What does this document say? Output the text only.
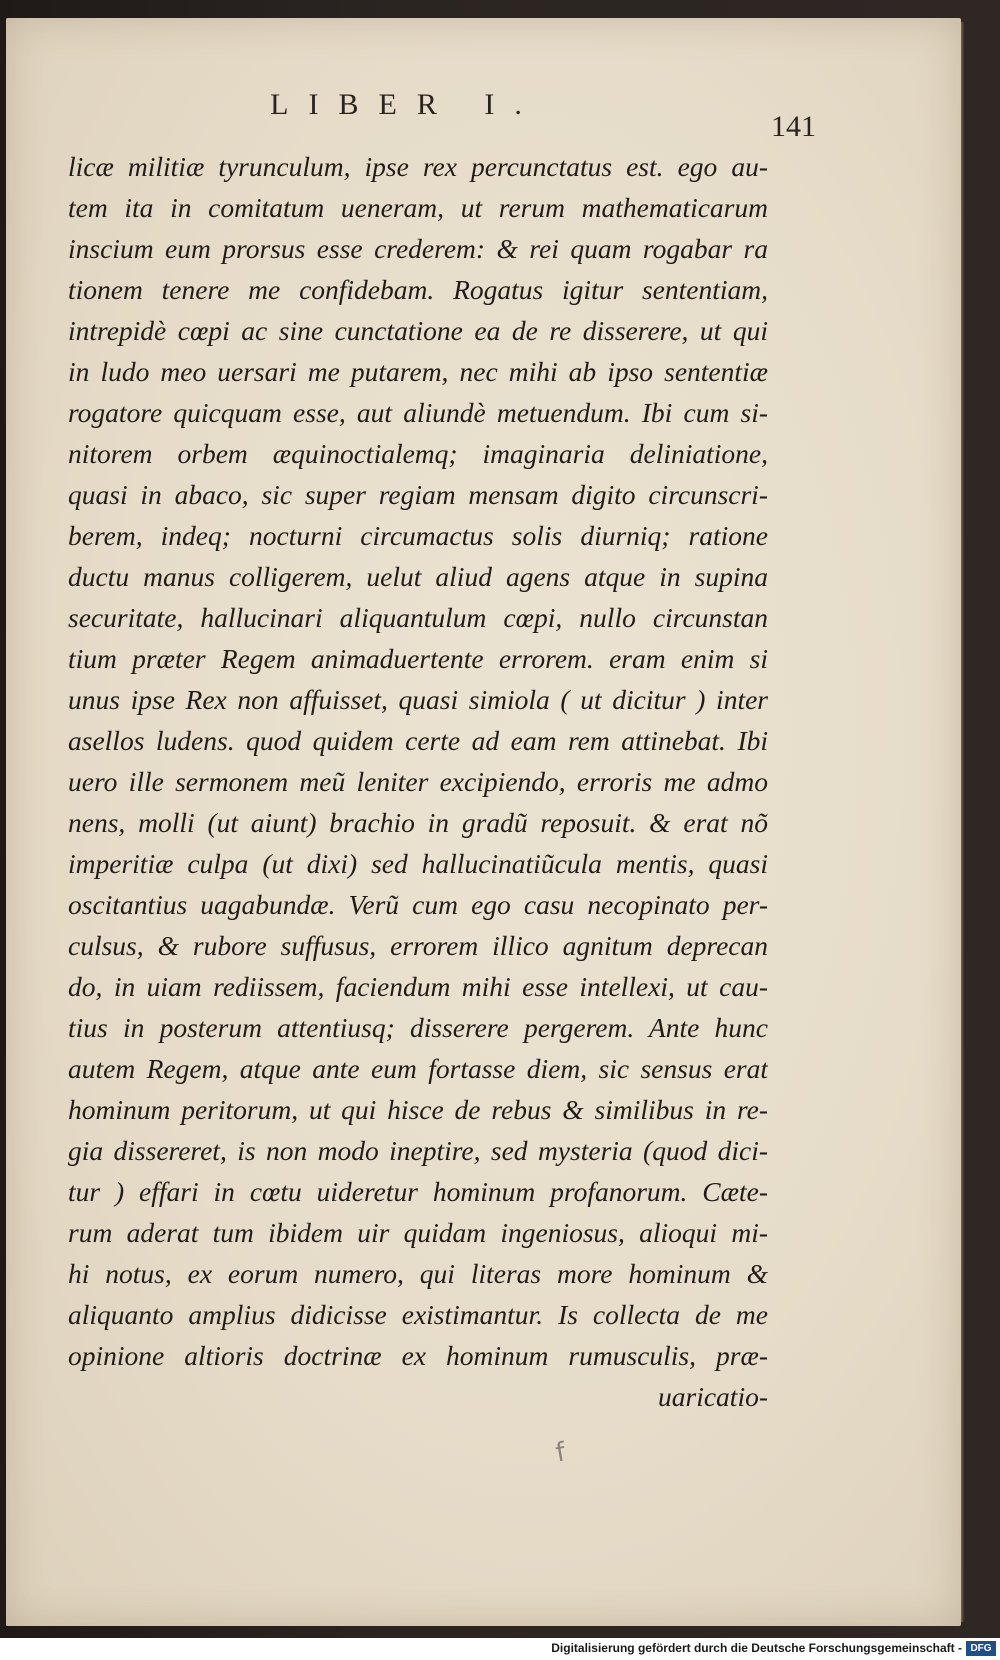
LIBER I.
141
licæ militiæ tyrunculum, ipse rex percunctatus est. ego au-
tem ita in comitatum ueneram, ut rerum mathematicarum
inscium eum prorsus esse crederem: & rei quam rogabar ra
tionem tenere me confidebam. Rogatus igitur sententiam,
intrepidè cœpi ac sine cunctatione ea de re disserere, ut qui
in ludo meo uersari me putarem, nec mihi ab ipso sententiæ
rogatore quicquam esse, aut aliundè metuendum. Ibi cum si-
nitorem orbem æquinoctialemq; imaginaria deliniatione,
quasi in abaco, sic super regiam mensam digito circunscri-
berem, indeq; nocturni circumactus solis diurniq; ratione
ductu manus colligerem, uelut aliud agens atque in supina
securitate, hallucinari aliquantulum cœpi, nullo circunstan
tium præter Regem animaduertente errorem. eram enim si
unus ipse Rex non affuisset, quasi simiola ( ut dicitur ) inter
asellos ludens. quod quidem certe ad eam rem attinebat. Ibi
uero ille sermonem meũ leniter excipiendo, erroris me admo
nens, molli (ut aiunt) brachio in gradũ reposuit. & erat nõ
imperitiæ culpa (ut dixi) sed hallucinatiũcula mentis, quasi
oscitantius uagabundæ. Verũ cum ego casu necopinato per-
culsus, & rubore suffusus, errorem illico agnitum deprecan
do, in uiam rediissem, faciendum mihi esse intellexi, ut cau-
tius in posterum attentiusq; disserere pergerem. Ante hunc
autem Regem, atque ante eum fortasse diem, sic sensus erat
hominum peritorum, ut qui hisce de rebus & similibus in re-
gia dissereret, is non modo ineptire, sed mysteria (quod dici-
tur ) effari in cœtu uideretur hominum profanorum. Cæte-
rum aderat tum ibidem uir quidam ingeniosus, alioqui mi-
hi notus, ex eorum numero, qui literas more hominum &
aliquanto amplius didicisse existimantur. Is collecta de me
opinione altioris doctrinæ ex hominum rumusculis, præ-
uaricatio-
f
Digitalisierung gefördert durch die Deutsche Forschungsgemeinschaft - DFG
